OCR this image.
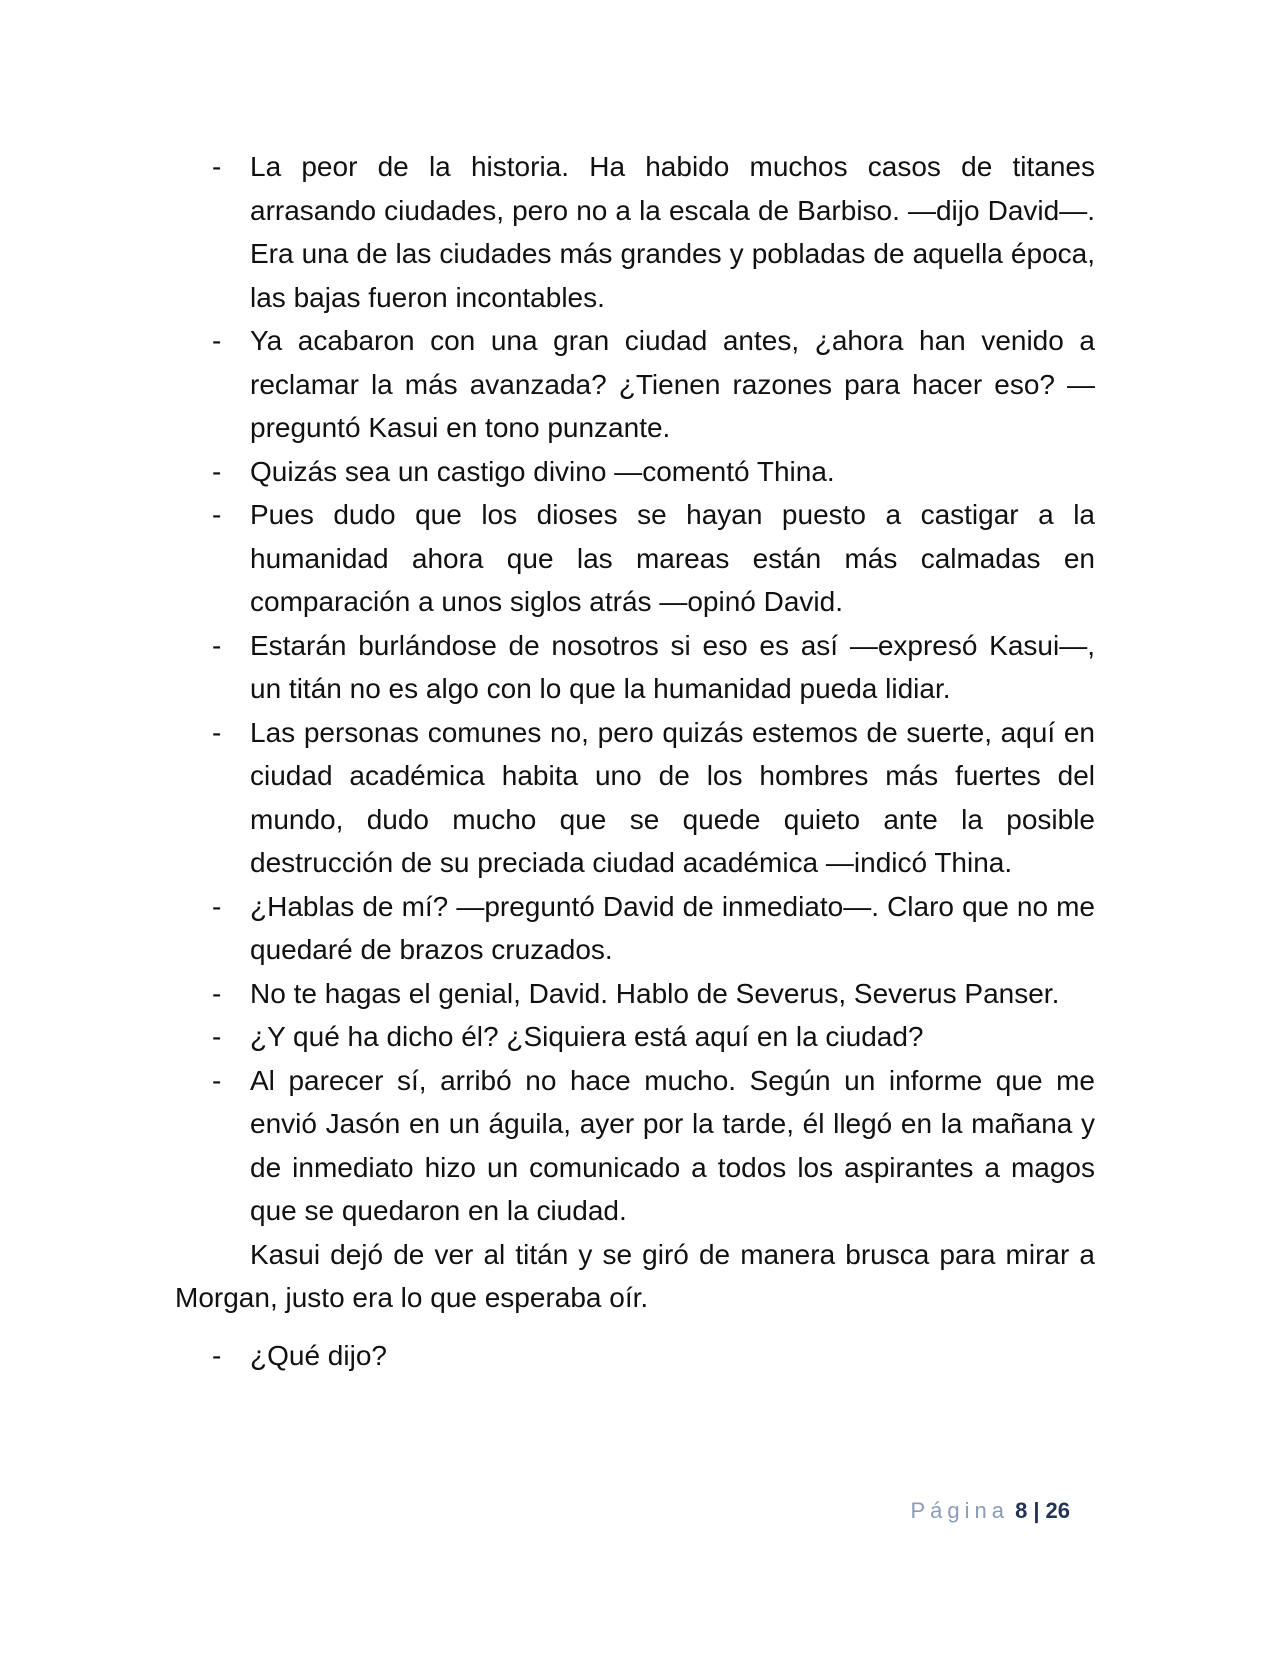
-	La peor de la historia. Ha habido muchos casos de titanes arrasando ciudades, pero no a la escala de Barbiso. —dijo David—. Era una de las ciudades más grandes y pobladas de aquella época, las bajas fueron incontables.
-	Ya acabaron con una gran ciudad antes, ¿ahora han venido a reclamar la más avanzada? ¿Tienen razones para hacer eso? —preguntó Kasui en tono punzante.
-	Quizás sea un castigo divino —comentó Thina.
-	Pues dudo que los dioses se hayan puesto a castigar a la humanidad ahora que las mareas están más calmadas en comparación a unos siglos atrás —opinó David.
-	Estarán burlándose de nosotros si eso es así —expresó Kasui—, un titán no es algo con lo que la humanidad pueda lidiar.
-	Las personas comunes no, pero quizás estemos de suerte, aquí en ciudad académica habita uno de los hombres más fuertes del mundo, dudo mucho que se quede quieto ante la posible destrucción de su preciada ciudad académica —indicó Thina.
-	¿Hablas de mí? —preguntó David de inmediato—. Claro que no me quedaré de brazos cruzados.
-	No te hagas el genial, David. Hablo de Severus, Severus Panser.
-	¿Y qué ha dicho él? ¿Siquiera está aquí en la ciudad?
-	Al parecer sí, arribó no hace mucho. Según un informe que me envió Jasón en un águila, ayer por la tarde, él llegó en la mañana y de inmediato hizo un comunicado a todos los aspirantes a magos que se quedaron en la ciudad.
Kasui dejó de ver al titán y se giró de manera brusca para mirar a Morgan, justo era lo que esperaba oír.
-	¿Qué dijo?
Página 8 | 26
